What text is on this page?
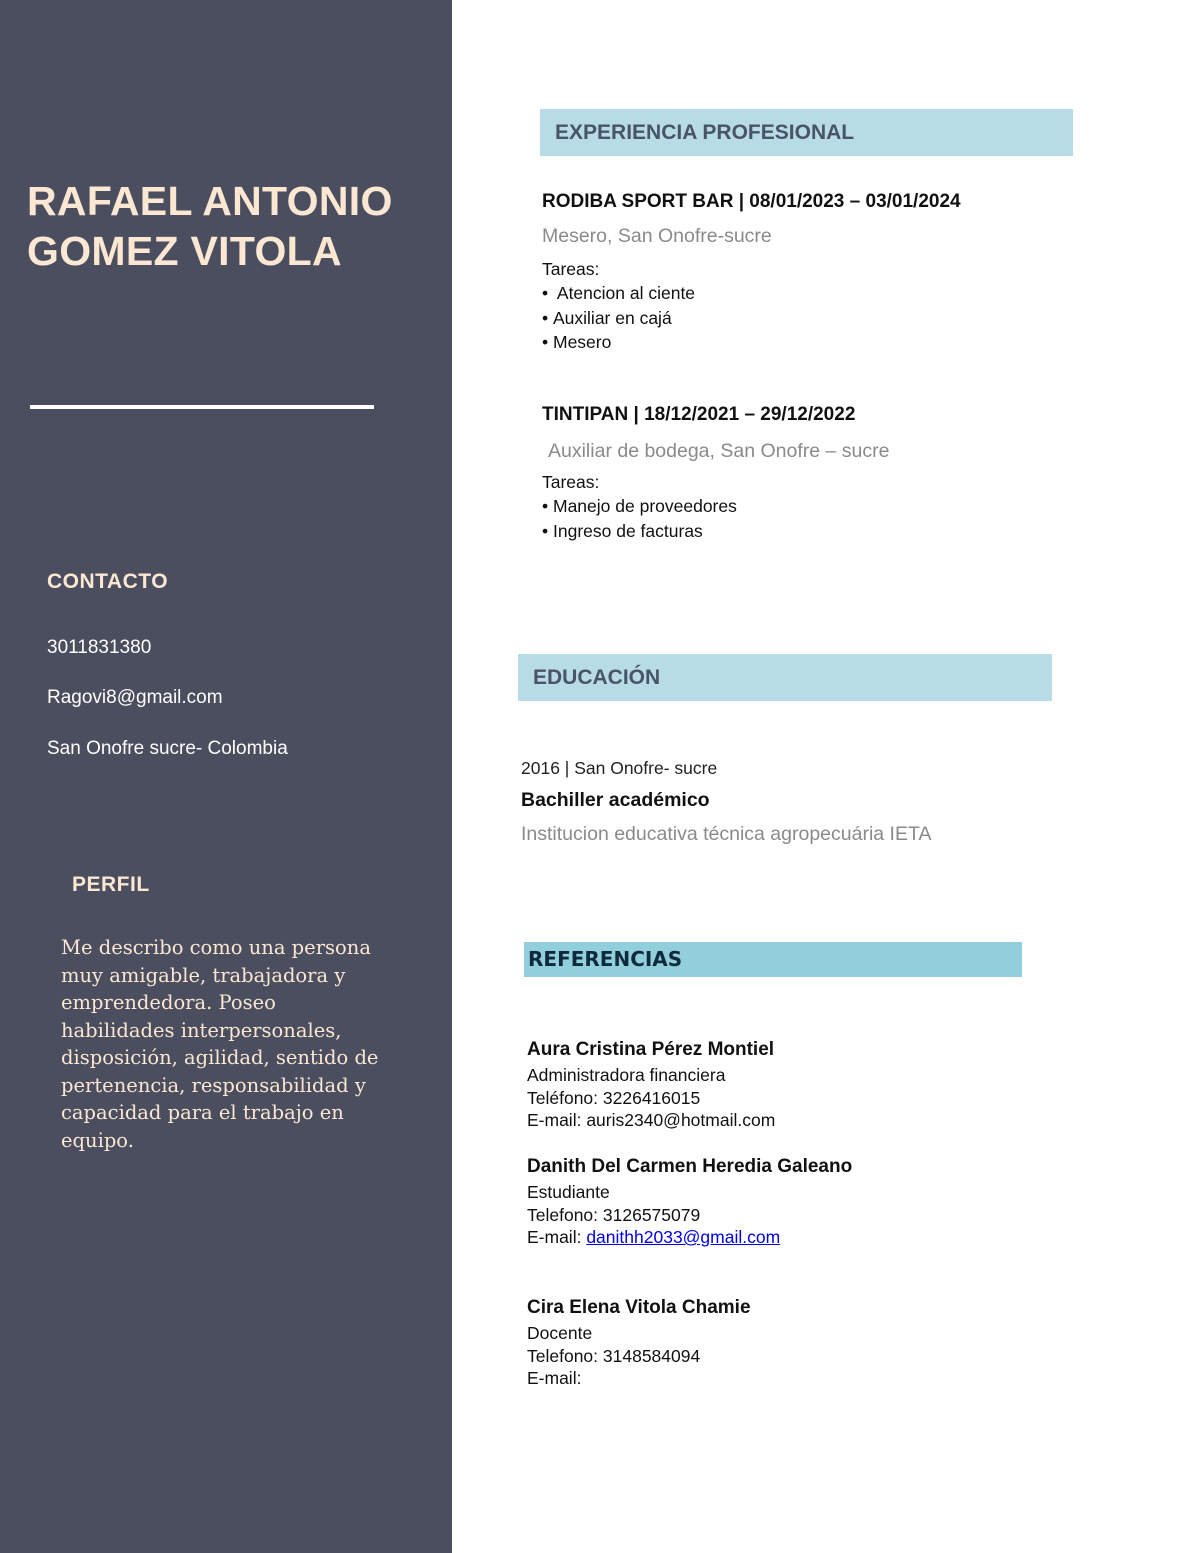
RAFAEL ANTONIO
GOMEZ VITOLA
CONTACTO

3011831380

Ragovi8@gmail.com

San Onofre sucre- Colombia

PERFIL

Me describo como una persona muy amigable, trabajadora y emprendedora. Poseo habilidades interpersonales, disposición, agilidad, sentido de pertenencia, responsabilidad y capacidad para el trabajo en equipo.

EXPERIENCIA PROFESIONAL

RODIBA SPORT BAR | 08/01/2023 – 03/01/2024

Mesero, San Onofre-sucre

Tareas:

•  Atencion al ciente
• Auxiliar en cajá
• Mesero

TINTIPAN | 18/12/2021 – 29/12/2022

Auxiliar de bodega, San Onofre – sucre

Tareas:

• Manejo de proveedores
• Ingreso de facturas
EDUCACIÓN

2016 | San Onofre- sucre

Bachiller académico

Institucion educativa técnica agropecuária IETA

REFERENCIAS

Aura Cristina Pérez Montiel

Administradora financiera

Teléfono: 3226416015

E-mail: auris2340@hotmail.com

Danith Del Carmen Heredia Galeano

Estudiante

Telefono: 3126575079

E-mail: danithh2033@gmail.com

Cira Elena Vitola Chamie

Docente

Telefono: 3148584094

E-mail:
